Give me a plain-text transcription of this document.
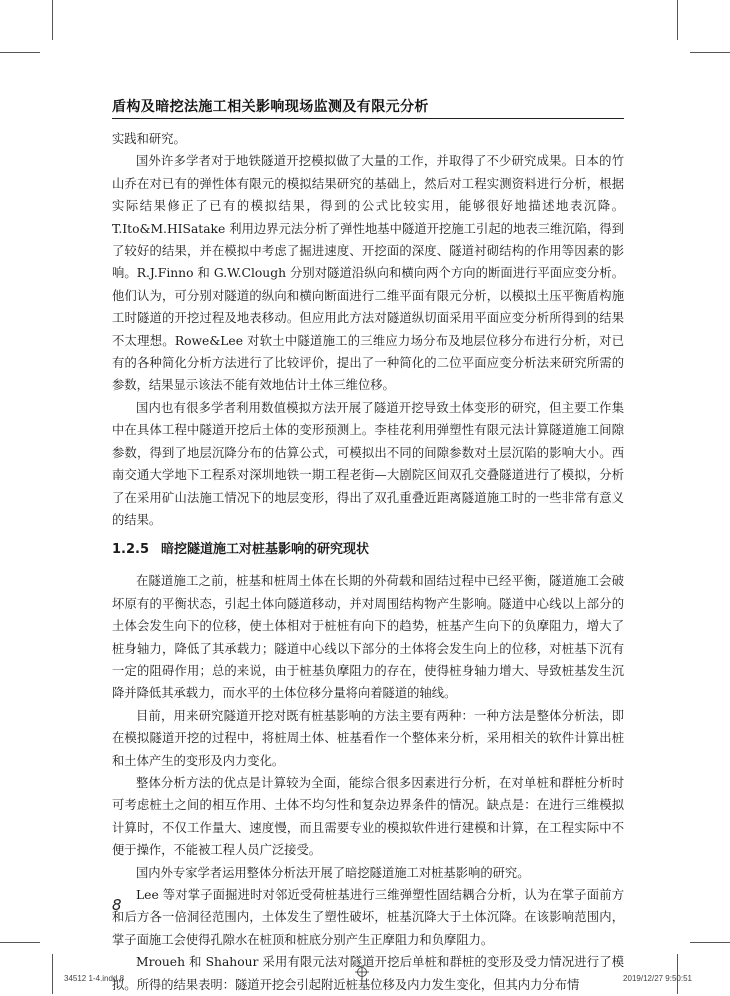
盾构及暗挖法施工相关影响现场监测及有限元分析

实践和研究。

国外许多学者对于地铁隧道开挖模拟做了大量的工作，并取得了不少研究成果。日本的竹山乔在对已有的弹性体有限元的模拟结果研究的基础上，然后对工程实测资料进行分析，根据实际结果修正了已有的模拟结果，得到的公式比较实用，能够很好地描述地表沉降。T.Ito&M.HISatake 利用边界元法分析了弹性地基中隧道开挖施工引起的地表三维沉陷，得到了较好的结果，并在模拟中考虑了掘进速度、开挖面的深度、隧道衬砌结构的作用等因素的影响。R.J.Finno 和 G.W.Clough 分别对隧道沿纵向和横向两个方向的断面进行平面应变分析。他们认为，可分别对隧道的纵向和横向断面进行二维平面有限元分析，以模拟土压平衡盾构施工时隧道的开挖过程及地表移动。但应用此方法对隧道纵切面采用平面应变分析所得到的结果不太理想。Rowe&Lee 对软土中隧道施工的三维应力场分布及地层位移分布进行分析，对已有的各种简化分析方法进行了比较评价，提出了一种简化的二位平面应变分析法来研究所需的参数，结果显示该法不能有效地估计土体三维位移。

国内也有很多学者利用数值模拟方法开展了隧道开挖导致土体变形的研究，但主要工作集中在具体工程中隧道开挖后土体的变形预测上。李桂花利用弹塑性有限元法计算隧道施工间隙参数，得到了地层沉降分布的估算公式，可模拟出不同的间隙参数对土层沉陷的影响大小。西南交通大学地下工程系对深圳地铁一期工程老街—大剧院区间双孔交叠隧道进行了模拟，分析了在采用矿山法施工情况下的地层变形，得出了双孔重叠近距离隧道施工时的一些非常有意义的结果。

1.2.5 暗挖隧道施工对桩基影响的研究现状

在隧道施工之前，桩基和桩周土体在长期的外荷载和固结过程中已经平衡，隧道施工会破坏原有的平衡状态，引起土体向隧道移动，并对周围结构物产生影响。隧道中心线以上部分的土体会发生向下的位移，使土体相对于桩桩有向下的趋势，桩基产生向下的负摩阻力，增大了桩身轴力，降低了其承载力；隧道中心线以下部分的土体将会发生向上的位移，对桩基下沉有一定的阻碍作用；总的来说，由于桩基负摩阻力的存在，使得桩身轴力增大、导致桩基发生沉降并降低其承载力，而水平的土体位移分量将向着隧道的轴线。

目前，用来研究隧道开挖对既有桩基影响的方法主要有两种：一种方法是整体分析法，即在模拟隧道开挖的过程中，将桩周土体、桩基看作一个整体来分析，采用相关的软件计算出桩和土体产生的变形及内力变化。

整体分析方法的优点是计算较为全面，能综合很多因素进行分析，在对单桩和群桩分析时可考虑桩土之间的相互作用、土体不均匀性和复杂边界条件的情况。缺点是：在进行三维模拟计算时，不仅工作量大、速度慢，而且需要专业的模拟软件进行建模和计算，在工程实际中不便于操作，不能被工程人员广泛接受。

国内外专家学者运用整体分析法开展了暗挖隧道施工对桩基影响的研究。

Lee 等对掌子面掘进时对邻近受荷桩基进行三维弹塑性固结耦合分析，认为在掌子面前方和后方各一倍洞径范围内，土体发生了塑性破坏，桩基沉降大于土体沉降。在该影响范围内，掌子面施工会使得孔隙水在桩顶和桩底分别产生正摩阻力和负摩阻力。

Mroueh 和 Shahour 采用有限元法对隧道开挖后单桩和群桩的变形及受力情况进行了模拟。所得的结果表明：隧道开挖会引起附近桩基位移及内力发生变化，但其内力分布情

8
34512 1-4.indd 8	2019/12/27 9:50:51
